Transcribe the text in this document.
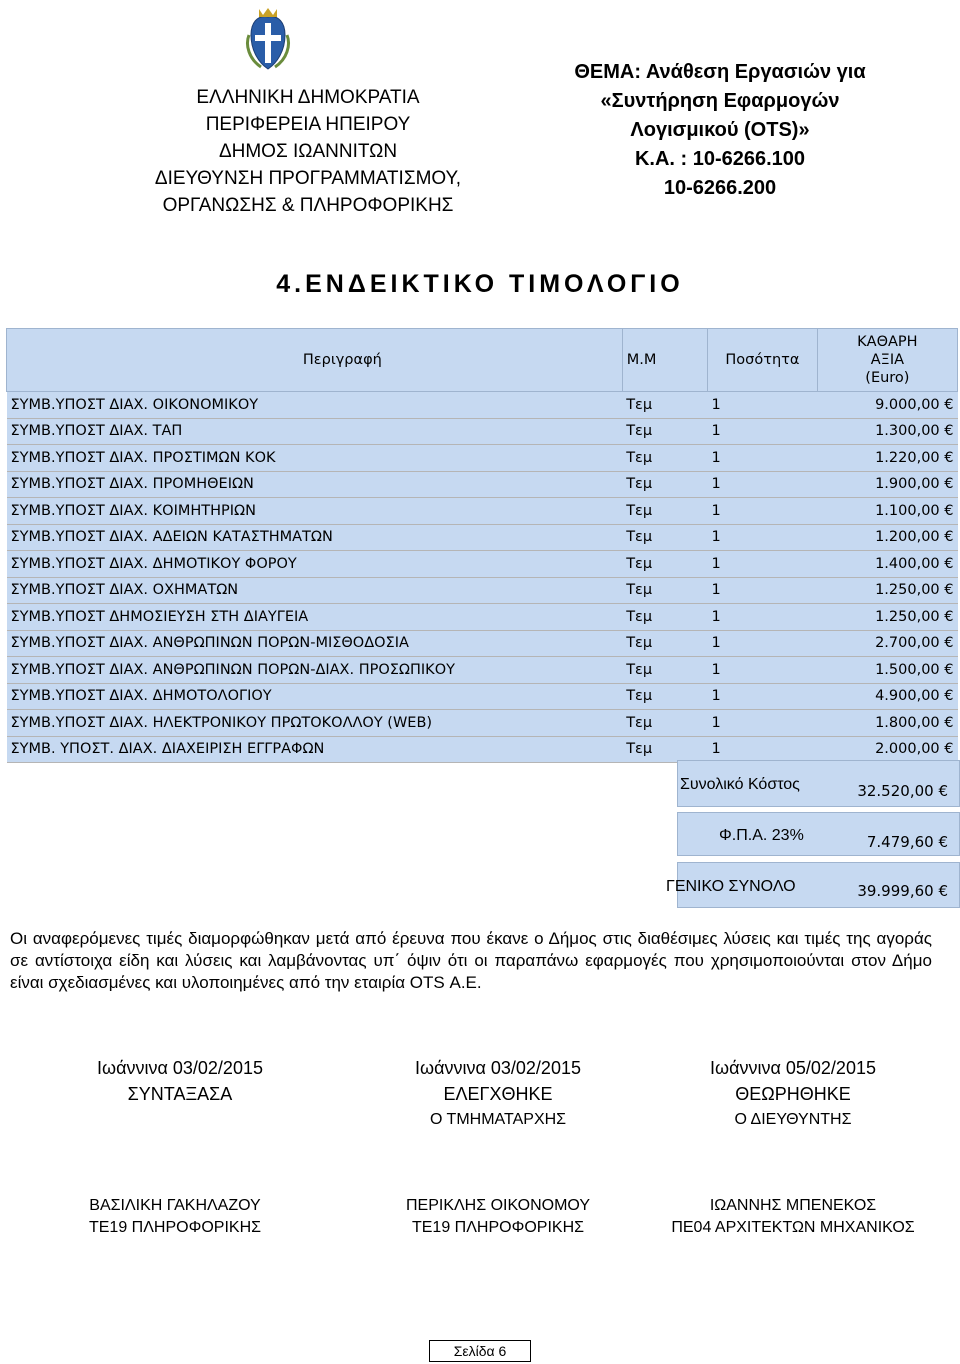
ΕΛΛΗΝΙΚΗ ΔΗΜΟΚΡΑΤΙΑ
ΠΕΡΙΦΕΡΕΙΑ ΗΠΕΙΡΟΥ
ΔΗΜΟΣ ΙΩΑΝΝΙΤΩΝ
ΔΙΕΥΘΥΝΣΗ ΠΡΟΓΡΑΜΜΑΤΙΣΜΟΥ,
ΟΡΓΑΝΩΣΗΣ & ΠΛΗΡΟΦΟΡΙΚΗΣ
ΘΕΜΑ: Ανάθεση Εργασιών για
«Συντήρηση Εφαρμογών
Λογισμικού (OTS)»
Κ.Α. : 10-6266.100
10-6266.200
4.ΕΝΔΕΙΚΤΙΚΟ ΤΙΜΟΛΟΓΙΟ
Περιγραφή	Μ.Μ	Ποσότητα	ΚΑΘΑΡΗ
ΑΞΙΑ
(Euro)

ΣΥΜΒ.ΥΠΟΣΤ ΔΙΑΧ. ΟΙΚΟΝΟΜΙΚΟΥ	Τεμ	1	9.000,00 €
ΣΥΜΒ.ΥΠΟΣΤ ΔΙΑΧ. ΤΑΠ	Τεμ	1	1.300,00 €
ΣΥΜΒ.ΥΠΟΣΤ ΔΙΑΧ. ΠΡΟΣΤΙΜΩΝ ΚΟΚ	Τεμ	1	1.220,00 €
ΣΥΜΒ.ΥΠΟΣΤ ΔΙΑΧ. ΠΡΟΜΗΘΕΙΩΝ	Τεμ	1	1.900,00 €
ΣΥΜΒ.ΥΠΟΣΤ ΔΙΑΧ. ΚΟΙΜΗΤΗΡΙΩΝ	Τεμ	1	1.100,00 €
ΣΥΜΒ.ΥΠΟΣΤ ΔΙΑΧ. ΑΔΕΙΩΝ ΚΑΤΑΣΤΗΜΑΤΩΝ	Τεμ	1	1.200,00 €
ΣΥΜΒ.ΥΠΟΣΤ ΔΙΑΧ. ΔΗΜΟΤΙΚΟΥ ΦΟΡΟΥ	Τεμ	1	1.400,00 €
ΣΥΜΒ.ΥΠΟΣΤ ΔΙΑΧ. ΟΧΗΜΑΤΩΝ	Τεμ	1	1.250,00 €
ΣΥΜΒ.ΥΠΟΣΤ ΔΗΜΟΣΙΕΥΣΗ ΣΤΗ ΔΙΑΥΓΕΙΑ	Τεμ	1	1.250,00 €
ΣΥΜΒ.ΥΠΟΣΤ ΔΙΑΧ. ΑΝΘΡΩΠΙΝΩΝ ΠΟΡΩΝ-ΜΙΣΘΟΔΟΣΙΑ	Τεμ	1	2.700,00 €
ΣΥΜΒ.ΥΠΟΣΤ ΔΙΑΧ. ΑΝΘΡΩΠΙΝΩΝ ΠΟΡΩΝ-ΔΙΑΧ. ΠΡΟΣΩΠΙΚΟΥ	Τεμ	1	1.500,00 €
ΣΥΜΒ.ΥΠΟΣΤ ΔΙΑΧ. ΔΗΜΟΤΟΛΟΓΙΟΥ	Τεμ	1	4.900,00 €
ΣΥΜΒ.ΥΠΟΣΤ ΔΙΑΧ. ΗΛΕΚΤΡΟΝΙΚΟΥ ΠΡΩΤΟΚΟΛΛΟΥ (WEB)	Τεμ	1	1.800,00 €
ΣΥΜΒ. ΥΠΟΣΤ. ΔΙΑΧ. ΔΙΑΧΕΙΡΙΣΗ ΕΓΓΡΑΦΩΝ	Τεμ	1	2.000,00 €
Συνολικό Κόστος	32.520,00 €
Φ.Π.Α. 23%	7.479,60 €
ΓΕΝΙΚΟ ΣΥΝΟΛΟ	39.999,60 €
Οι αναφερόμενες τιμές διαμορφώθηκαν μετά από έρευνα που έκανε ο Δήμος στις διαθέσιμες λύσεις και τιμές της αγοράς σε αντίστοιχα είδη και λύσεις και λαμβάνοντας υπ΄ όψιν ότι οι παραπάνω εφαρμογές που χρησιμοποιούνται στον Δήμο είναι σχεδιασμένες και υλοποιημένες από την εταιρία OTS Α.Ε.
Ιωάννινα 03/02/2015
ΣΥΝΤΑΞΑΣΑ
Ιωάννινα 03/02/2015
ΕΛΕΓΧΘΗΚΕ
Ο ΤΜΗΜΑΤΑΡΧΗΣ
Ιωάννινα 05/02/2015
ΘΕΩΡΗΘΗΚΕ
Ο ΔΙΕΥΘΥΝΤΗΣ
ΒΑΣΙΛΙΚΗ ΓΑΚΗΛΑΖΟΥ
ΤΕ19 ΠΛΗΡΟΦΟΡΙΚΗΣ
ΠΕΡΙΚΛΗΣ ΟΙΚΟΝΟΜΟΥ
ΤΕ19 ΠΛΗΡΟΦΟΡΙΚΗΣ
ΙΩΑΝΝΗΣ ΜΠΕΝΕΚΟΣ
ΠΕ04 ΑΡΧΙΤΕΚΤΩΝ ΜΗΧΑΝΙΚΟΣ
Σελίδα 6
